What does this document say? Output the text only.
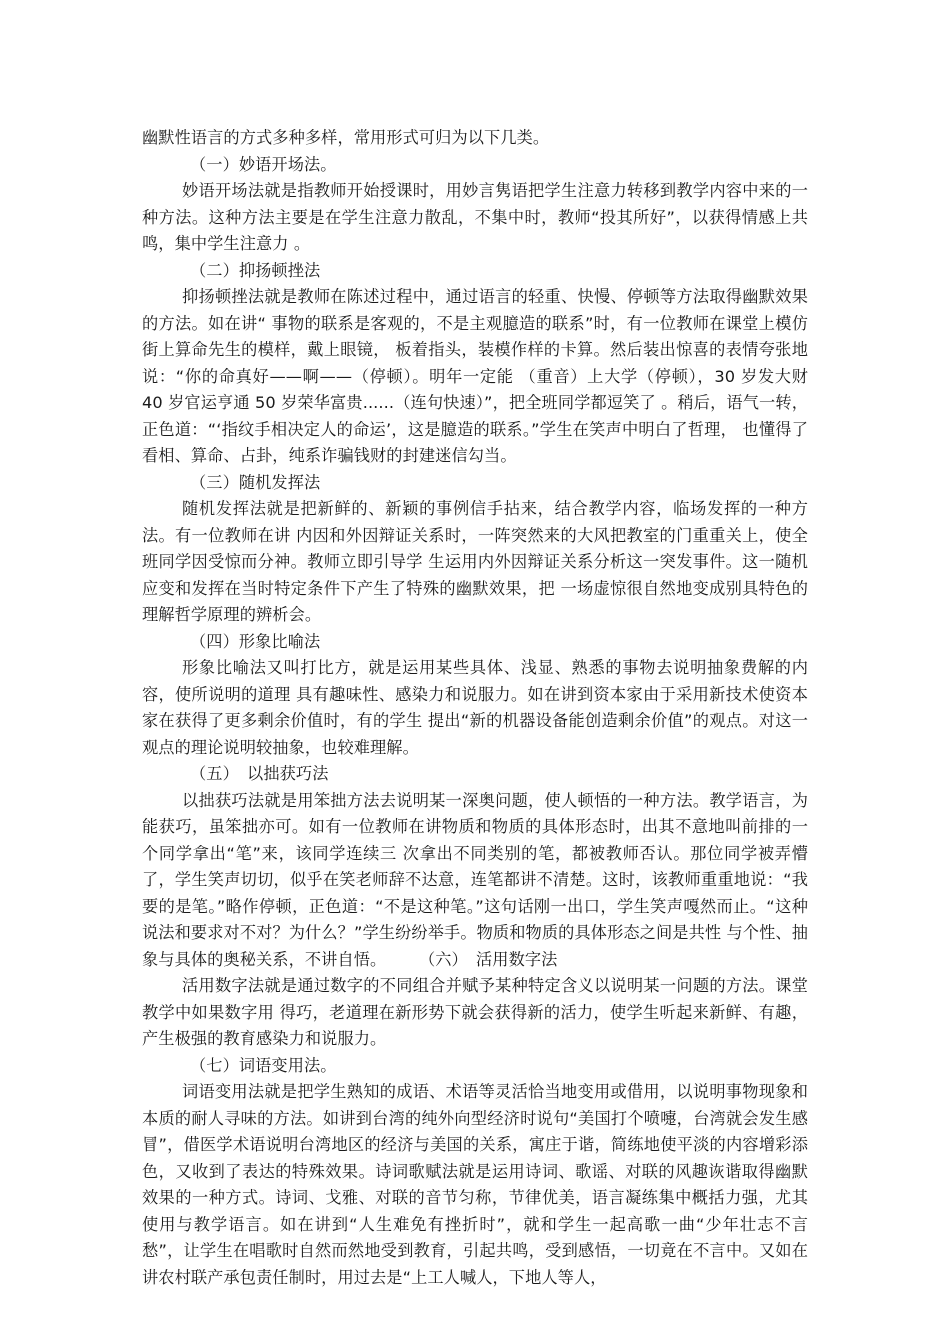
幽默性语言的方式多种多样，常用形式可归为以下几类。

（一）妙语开场法。

妙语开场法就是指教师开始授课时，用妙言隽语把学生注意力转移到教学内容中来的一种方法。这种方法主要是在学生注意力散乱，不集中时，教师“投其所好”，以获得情感上共鸣，集中学生注意力 。

（二）抑扬顿挫法

抑扬顿挫法就是教师在陈述过程中，通过语言的轻重、快慢、停顿等方法取得幽默效果的方法。如在讲“ 事物的联系是客观的，不是主观臆造的联系”时，有一位教师在课堂上模仿街上算命先生的模样，戴上眼镜， 板着指头，装模作样的卡算。然后装出惊喜的表情夸张地说：“你的命真好——啊——（停顿）。明年一定能 （重音）上大学（停顿），30 岁发大财 40 岁官运亨通 50 岁荣华富贵......（连句快速）”，把全班同学都逗笑了 。稍后，语气一转，正色道：“‘指纹手相决定人的命运’，这是臆造的联系。”学生在笑声中明白了哲理， 也懂得了看相、算命、占卦，纯系诈骗钱财的封建迷信勾当。

（三）随机发挥法

随机发挥法就是把新鲜的、新颖的事例信手拈来，结合教学内容，临场发挥的一种方法。有一位教师在讲 内因和外因辩证关系时，一阵突然来的大风把教室的门重重关上，使全班同学因受惊而分神。教师立即引导学 生运用内外因辩证关系分析这一突发事件。这一随机应变和发挥在当时特定条件下产生了特殊的幽默效果，把 一场虚惊很自然地变成别具特色的理解哲学原理的辨析会。

（四）形象比喻法

形象比喻法又叫打比方，就是运用某些具体、浅显、熟悉的事物去说明抽象费解的内容，使所说明的道理 具有趣味性、感染力和说服力。如在讲到资本家由于采用新技术使资本家在获得了更多剩余价值时，有的学生 提出“新的机器设备能创造剩余价值”的观点。对这一观点的理论说明较抽象，也较难理解。

（五）　以拙获巧法

以拙获巧法就是用笨拙方法去说明某一深奥问题，使人顿悟的一种方法。教学语言，为能获巧，虽笨拙亦可。如有一位教师在讲物质和物质的具体形态时，出其不意地叫前排的一个同学拿出“笔”来，该同学连续三 次拿出不同类别的笔，都被教师否认。那位同学被弄懵了，学生笑声切切，似乎在笑老师辞不达意，连笔都讲不清楚。这时，该教师重重地说：“我要的是笔。”略作停顿，正色道：“不是这种笔。”这句话刚一出口，学生笑声嘎然而止。“这种说法和要求对不对？为什么？”学生纷纷举手。物质和物质的具体形态之间是共性 与个性、抽象与具体的奥秘关系，不讲自悟。　　　（六）　活用数字法

活用数字法就是通过数字的不同组合并赋予某种特定含义以说明某一问题的方法。课堂教学中如果数字用 得巧，老道理在新形势下就会获得新的活力，使学生听起来新鲜、有趣，产生极强的教育感染力和说服力。

（七）词语变用法。

词语变用法就是把学生熟知的成语、术语等灵活恰当地变用或借用，以说明事物现象和本质的耐人寻味的方法。如讲到台湾的纯外向型经济时说句“美国打个喷嚏，台湾就会发生感冒”，借医学术语说明台湾地区的经济与美国的关系，寓庄于谐，简练地使平淡的内容增彩添色，又收到了表达的特殊效果。诗词歌赋法就是运用诗词、歌谣、对联的风趣诙谐取得幽默效果的一种方式。诗词、戈雅、对联的音节匀称，节律优美，语言凝练集中概括力强，尤其使用与教学语言。如在讲到“人生难免有挫折时”，就和学生一起高歌一曲“少年壮志不言愁”，让学生在唱歌时自然而然地受到教育，引起共鸣，受到感悟，一切竟在不言中。又如在讲农村联产承包责任制时，用过去是“上工人喊人，下地人等人，
